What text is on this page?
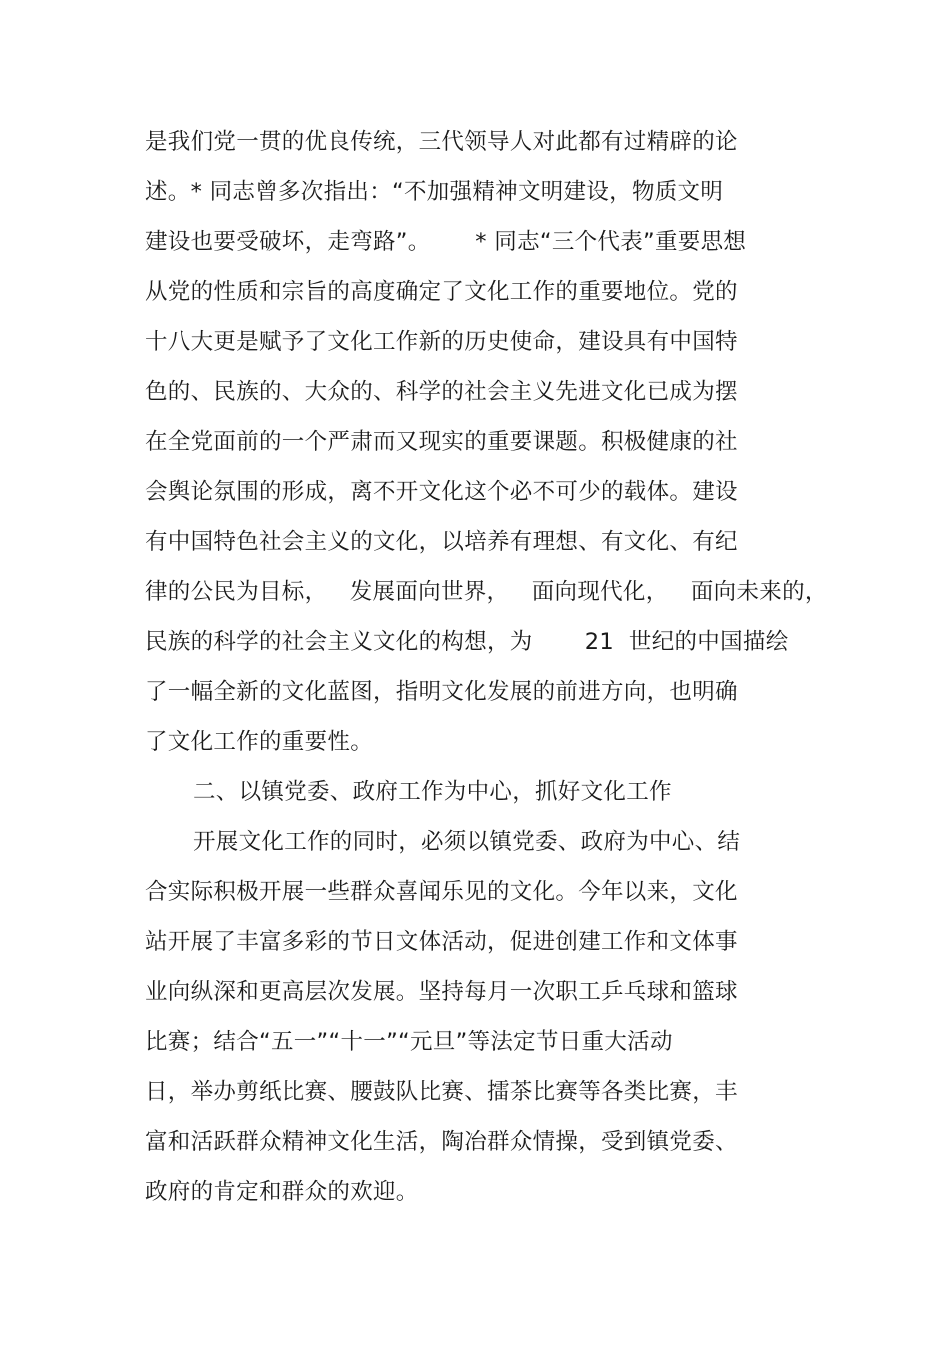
是我们党一贯的优良传统，三代领导人对此都有过精辟的论
述。* 同志曾多次指出：“不加强精神文明建设，物质文明
建设也要受破坏，走弯路”。      * 同志“三个代表”重要思想
从党的性质和宗旨的高度确定了文化工作的重要地位。党的
十八大更是赋予了文化工作新的历史使命，建设具有中国特
色的、民族的、大众的、科学的社会主义先进文化已成为摆
在全党面前的一个严肃而又现实的重要课题。积极健康的社
会舆论氛围的形成，离不开文化这个必不可少的载体。建设
有中国特色社会主义的文化，以培养有理想、有文化、有纪
律的公民为目标，   发展面向世界，   面向现代化，   面向未来的，
民族的科学的社会主义文化的构想，为       21  世纪的中国描绘
了一幅全新的文化蓝图，指明文化发展的前进方向，也明确
了文化工作的重要性。
二、以镇党委、政府工作为中心，抓好文化工作
开展文化工作的同时，必须以镇党委、政府为中心、结
合实际积极开展一些群众喜闻乐见的文化。今年以来，文化
站开展了丰富多彩的节日文体活动，促进创建工作和文体事
业向纵深和更高层次发展。坚持每月一次职工乒乓球和篮球
比赛；结合“五一”“十一”“元旦”等法定节日重大活动
日，举办剪纸比赛、腰鼓队比赛、擂茶比赛等各类比赛，丰
富和活跃群众精神文化生活，陶冶群众情操，受到镇党委、
政府的肯定和群众的欢迎。
